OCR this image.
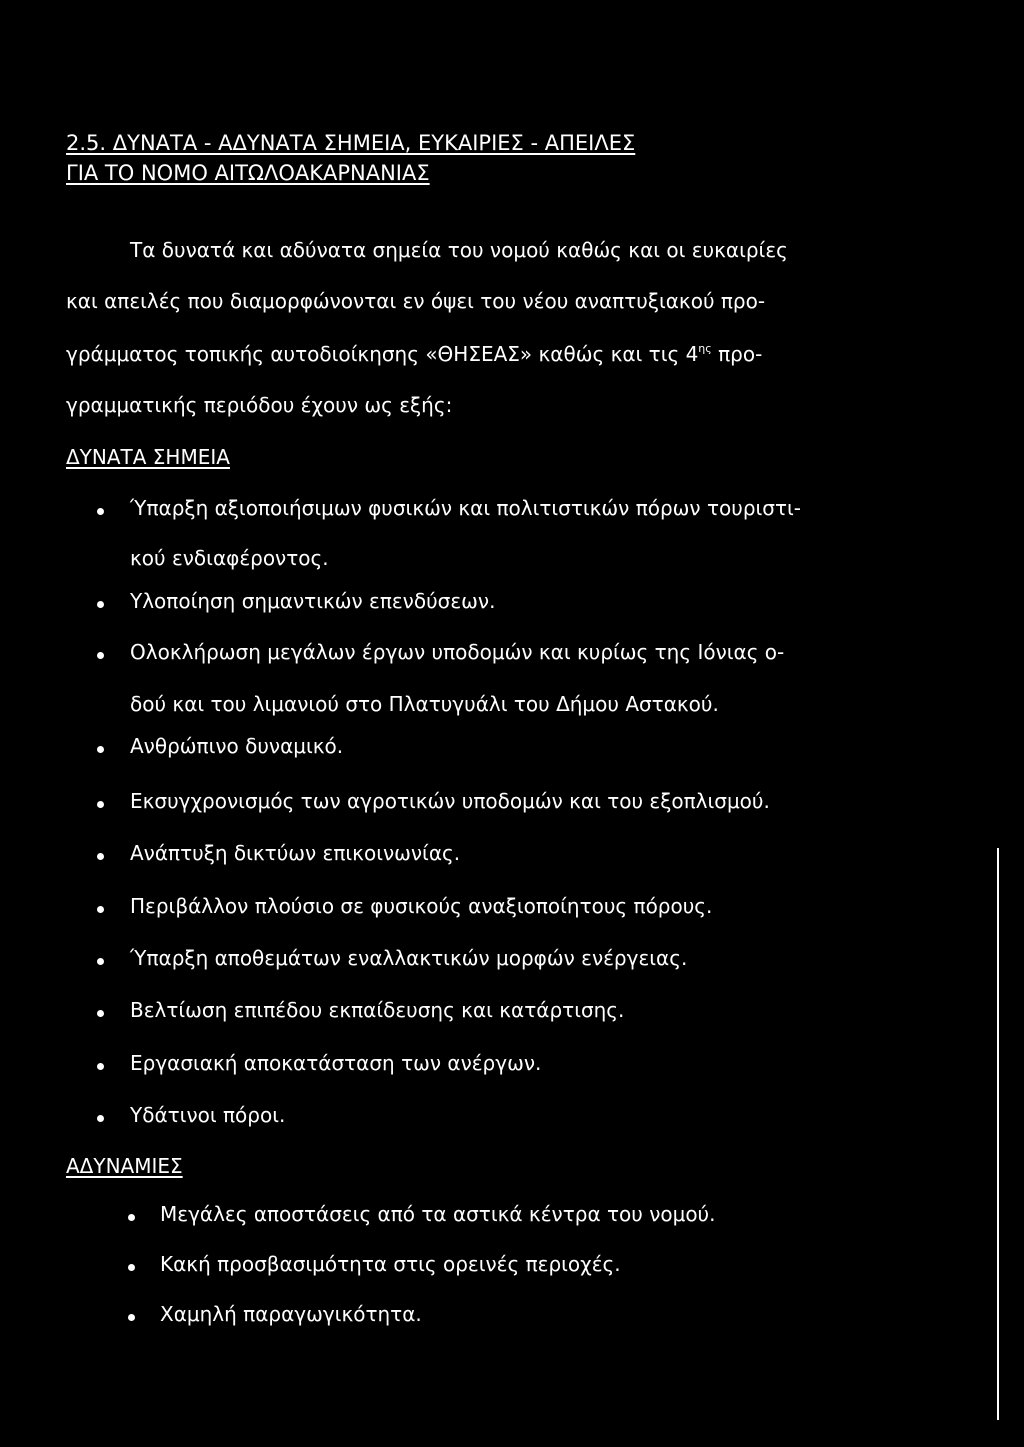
2.5. ΔΥΝΑΤΑ - ΑΔΥΝΑΤΑ ΣΗΜΕΙΑ, ΕΥΚΑΙΡΙΕΣ - ΑΠΕΙΛΕΣ
ΓΙΑ ΤΟ ΝΟΜΟ ΑΙΤΩΛΟΑΚΑΡΝΑΝΙΑΣ
Τα δυνατά και αδύνατα σημεία του νομού καθώς και οι ευκαιρίες
και απειλές που διαμορφώνονται εν όψει του νέου αναπτυξιακού προ-
γράμματος τοπικής αυτοδιοίκησης «ΘΗΣΕΑΣ» καθώς και τις $4^{\eta\varsigma}$ προ-
γραμματικής περιόδου έχουν ως εξής:
ΔΥΝΑΤΑ ΣΗΜΕΙΑ
Ύπαρξη αξιοποιήσιμων φυσικών και πολιτιστικών πόρων τουριστι-
κού ενδιαφέροντος.
Υλοποίηση σημαντικών επενδύσεων.
Ολοκλήρωση μεγάλων έργων υποδομών και κυρίως της Ιόνιας ο-
δού και του λιμανιού στο Πλατυγυάλι του Δήμου Αστακού.
Ανθρώπινο δυναμικό.
Εκσυγχρονισμός των αγροτικών υποδομών και του εξοπλισμού.
Ανάπτυξη δικτύων επικοινωνίας.
Περιβάλλον πλούσιο σε φυσικούς αναξιοποίητους πόρους.
Ύπαρξη αποθεμάτων εναλλακτικών μορφών ενέργειας.
Βελτίωση επιπέδου εκπαίδευσης και κατάρτισης.
Εργασιακή αποκατάσταση των ανέργων.
Υδάτινοι πόροι.
ΑΔΥΝΑΜΙΕΣ
Μεγάλες αποστάσεις από τα αστικά κέντρα του νομού.
Κακή προσβασιμότητα στις ορεινές περιοχές.
Χαμηλή παραγωγικότητα.
